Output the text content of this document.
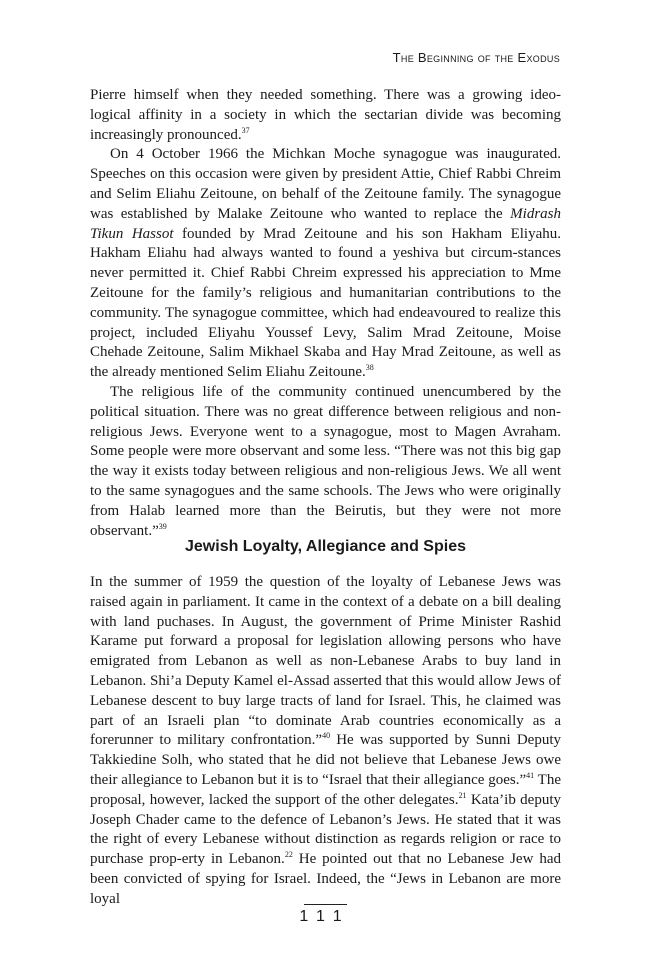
The Beginning of the Exodus

Pierre himself when they needed something. There was a growing ideo-logical affinity in a society in which the sectarian divide was becoming increasingly pronounced.$^{37}$

On 4 October 1966 the Michkan Moche synagogue was inaugurated. Speeches on this occasion were given by president Attie, Chief Rabbi Chreim and Selim Eliahu Zeitoune, on behalf of the Zeitoune family. The synagogue was established by Malake Zeitoune who wanted to replace the Midrash Tikun Hassot founded by Mrad Zeitoune and his son Hakham Eliyahu. Hakham Eliahu had always wanted to found a yeshiva but circum-stances never permitted it. Chief Rabbi Chreim expressed his appreciation to Mme Zeitoune for the family’s religious and humanitarian contributions to the community. The synagogue committee, which had endeavoured to realize this project, included Eliyahu Youssef Levy, Salim Mrad Zeitoune, Moise Chehade Zeitoune, Salim Mikhael Skaba and Hay Mrad Zeitoune, as well as the already mentioned Selim Eliahu Zeitoune.$^{38}$

The religious life of the community continued unencumbered by the political situation. There was no great difference between religious and non-religious Jews. Everyone went to a synagogue, most to Magen Avraham. Some people were more observant and some less. “There was not this big gap the way it exists today between religious and non-religious Jews. We all went to the same synagogues and the same schools. The Jews who were originally from Halab learned more than the Beirutis, but they were not more observant.”$^{39}$

Jewish Loyalty, Allegiance and Spies

In the summer of 1959 the question of the loyalty of Lebanese Jews was raised again in parliament. It came in the context of a debate on a bill dealing with land puchases. In August, the government of Prime Minister Rashid Karame put forward a proposal for legislation allowing persons who have emigrated from Lebanon as well as non-Lebanese Arabs to buy land in Lebanon. Shi’a Deputy Kamel el-Assad asserted that this would allow Jews of Lebanese descent to buy large tracts of land for Israel. This, he claimed was part of an Israeli plan “to dominate Arab countries economically as a forerunner to military confrontation.”$^{40}$ He was supported by Sunni Deputy Takkiedine Solh, who stated that he did not believe that Lebanese Jews owe their allegiance to Lebanon but it is to “Israel that their allegiance goes.”$^{41}$ The proposal, however, lacked the support of the other delegates.$^{21}$ Kata’ib deputy Joseph Chader came to the defence of Lebanon’s Jews. He stated that it was the right of every Lebanese without distinction as regards religion or race to purchase prop-erty in Lebanon.$^{22}$ He pointed out that no Lebanese Jew had been convicted of spying for Israel. Indeed, the “Jews in Lebanon are more loyal

111
